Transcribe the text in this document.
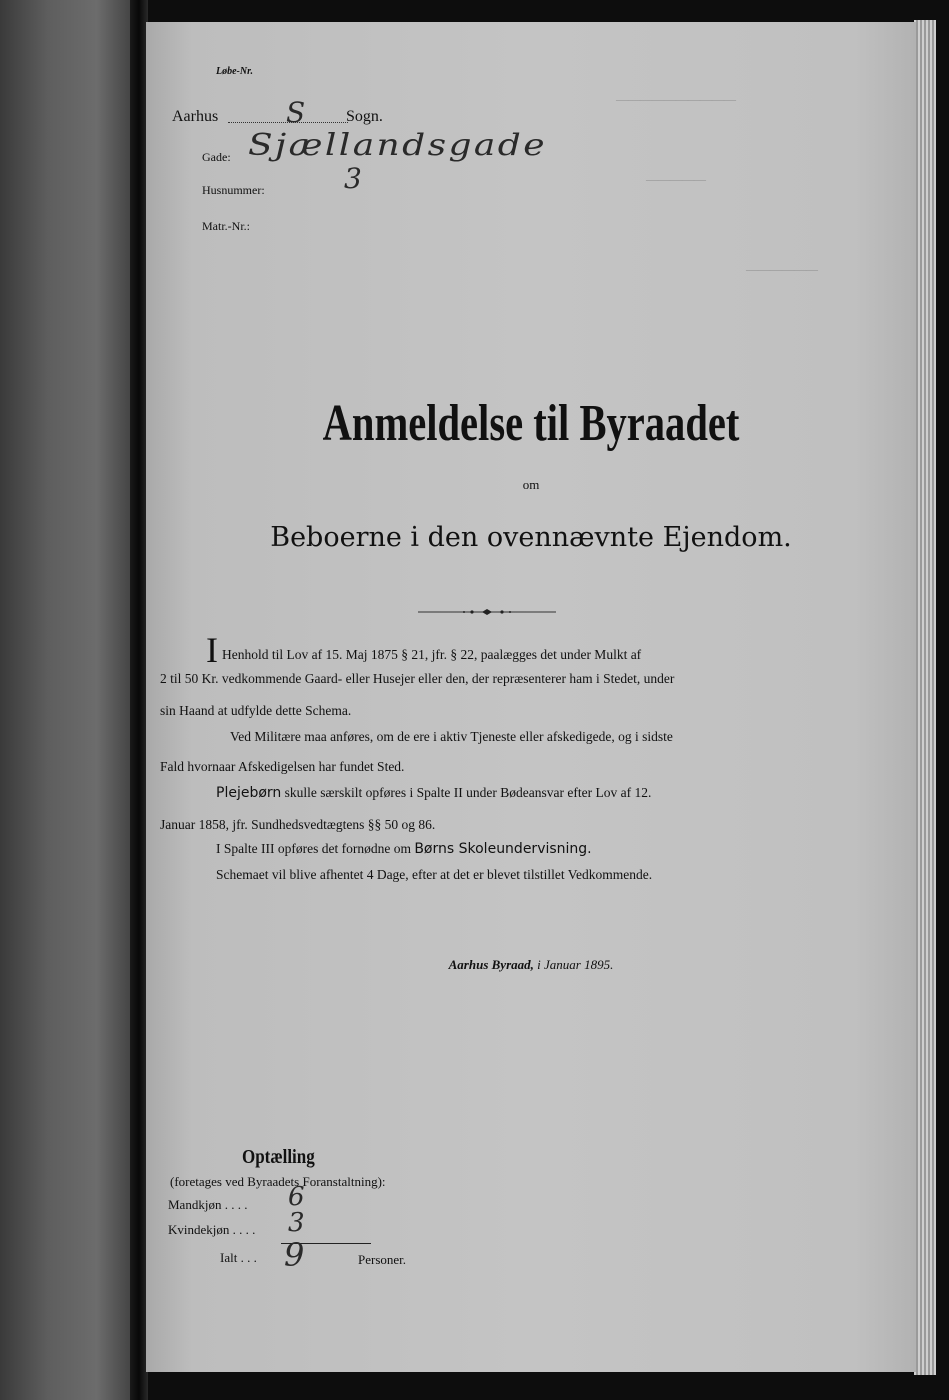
——————————
—————
——————
Løbe-Nr.
Aarhus S	Sogn.
Gade: Sjællandsgade
Husnummer:	3
Matr.-Nr.:
Anmeldelse til Byraadet
om
Beboerne i den ovennævnte Ejendom.
I Henhold til Lov af 15. Maj 1875 § 21, jfr. § 22, paalægges det under Mulkt af
2 til 50 Kr. vedkommende Gaard- eller Husejer eller den, der repræsenterer ham i Stedet, under
sin Haand at udfylde dette Schema.
Ved Militære maa anføres, om de ere i aktiv Tjeneste eller afskedigede, og i sidste
Fald hvornaar Afskedigelsen har fundet Sted.
Plejebørn skulle særskilt opføres i Spalte II under Bødeansvar efter Lov af 12.
Januar 1858, jfr. Sundhedsvedtægtens §§ 50 og 86.
I Spalte III opføres det fornødne om Børns Skoleundervisning.
Schemaet vil blive afhentet 4 Dage, efter at det er blevet tilstillet Vedkommende.
Aarhus Byraad, i Januar 1895.
Optælling
(foretages ved Byraadets Foranstaltning):
Mandkjøn . . . . 6
Kvindekjøn . . . . 3
Ialt . . . 9	Personer.
